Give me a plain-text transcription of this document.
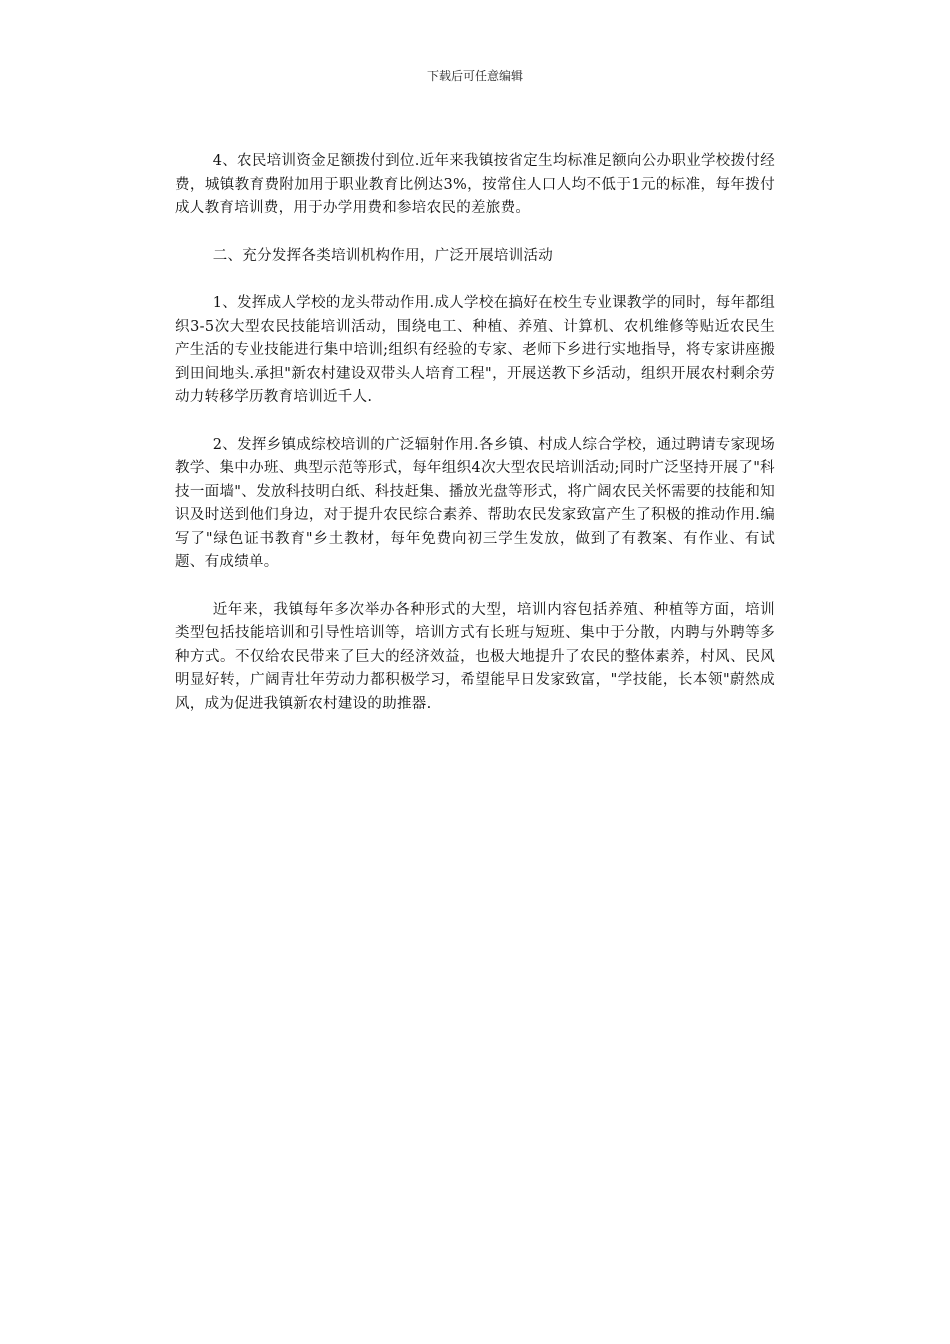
下载后可任意编辑

4、农民培训资金足额拨付到位.近年来我镇按省定生均标准足额向公办职业学校拨付经费，城镇教育费附加用于职业教育比例达3%，按常住人口人均不低于1元的标准，每年拨付成人教育培训费，用于办学用费和参培农民的差旅费。

二、充分发挥各类培训机构作用，广泛开展培训活动

1、发挥成人学校的龙头带动作用.成人学校在搞好在校生专业课教学的同时，每年都组织3-5次大型农民技能培训活动，围绕电工、种植、养殖、计算机、农机维修等贴近农民生产生活的专业技能进行集中培训;组织有经验的专家、老师下乡进行实地指导，将专家讲座搬到田间地头.承担"新农村建设双带头人培育工程"，开展送教下乡活动，组织开展农村剩余劳动力转移学历教育培训近千人.

2、发挥乡镇成综校培训的广泛辐射作用.各乡镇、村成人综合学校，通过聘请专家现场教学、集中办班、典型示范等形式，每年组织4次大型农民培训活动;同时广泛坚持开展了"科技一面墙"、发放科技明白纸、科技赶集、播放光盘等形式，将广阔农民关怀需要的技能和知识及时送到他们身边，对于提升农民综合素养、帮助农民发家致富产生了积极的推动作用.编写了"绿色证书教育"乡土教材，每年免费向初三学生发放，做到了有教案、有作业、有试题、有成绩单。

近年来，我镇每年多次举办各种形式的大型，培训内容包括养殖、种植等方面，培训类型包括技能培训和引导性培训等，培训方式有长班与短班、集中于分散，内聘与外聘等多种方式。不仅给农民带来了巨大的经济效益，也极大地提升了农民的整体素养，村风、民风明显好转，广阔青壮年劳动力都积极学习，希望能早日发家致富，"学技能，长本领"蔚然成风，成为促进我镇新农村建设的助推器.
